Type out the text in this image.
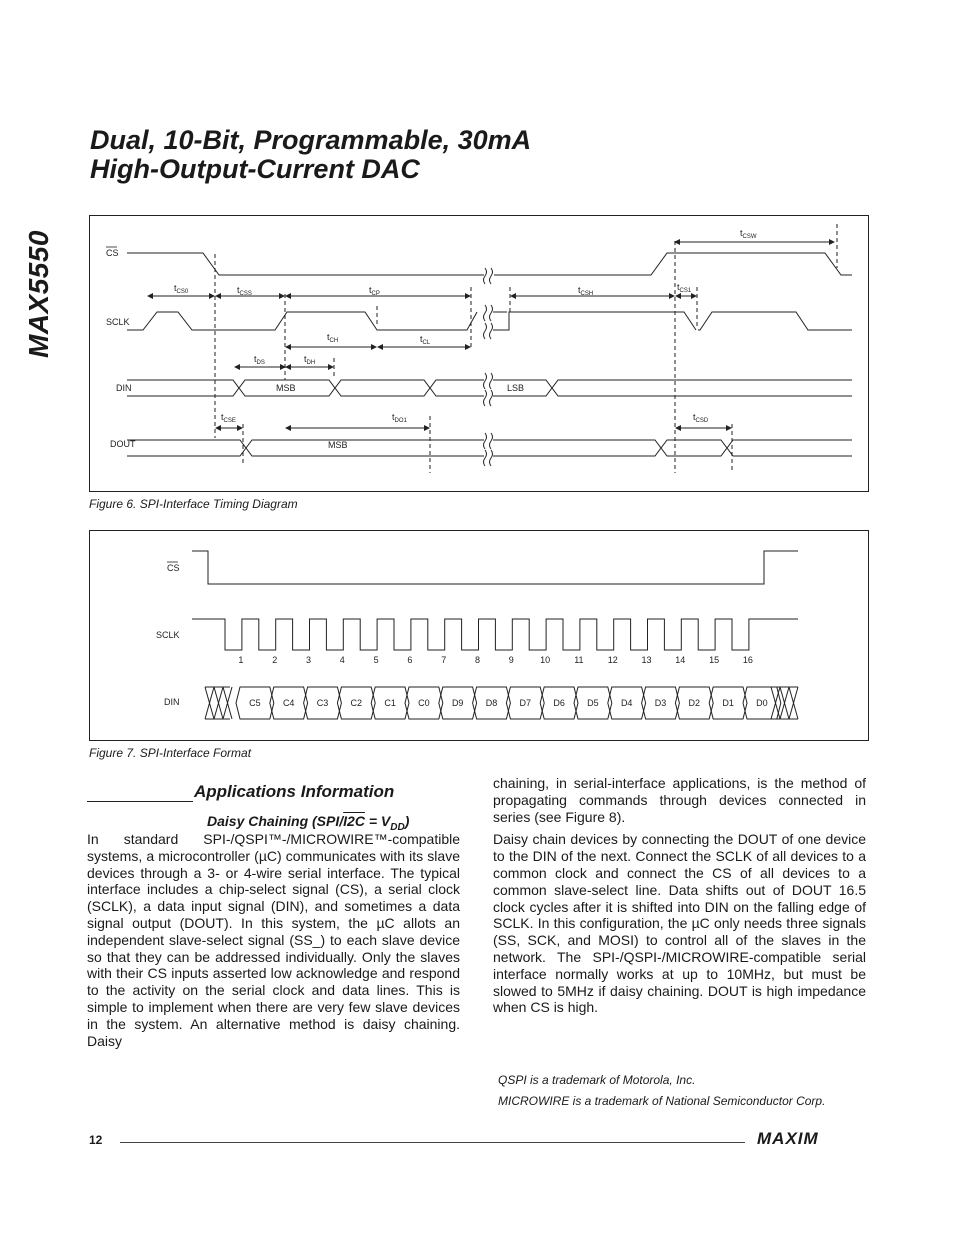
MAX5550
Dual, 10-Bit, Programmable, 30mA
High-Output-Current DAC
CS
SCLK
DIN
DOUT
$t_{CSW}$
$t_{CS0}$	$t_{CSS}$	$t_{CP}$	$t_{CSH}$
$t_{CS1}$
$t_{CH}$	$t_{CL}$
$t_{DS}$	$t_{DH}$
$t_{CSE}$	$t_{DO1}$	$t_{CSD}$
MSB	LSB
MSB
Figure 6. SPI-Interface Timing Diagram
C5 C4 C3 C2 C1 C0 D9 D8 D7 D6 D5 D4 D3 D2 D1 D0
1	2	3	4	5	6	7	8	9	10	11	12	13	14	15	16
CS
SCLK
DIN
Figure 7. SPI-Interface Format
Applications Information
Daisy Chaining $(SPI/I2C = V_{DD})$

In standard SPI-/QSPI™-/MICROWIRE™-compatible systems, a microcontroller (µC) communicates with its slave devices through a 3- or 4-wire serial interface. The typical interface includes a chip-select signal (CS), a serial clock (SCLK), a data input signal (DIN), and sometimes a data signal output (DOUT). In this system, the µC allots an independent slave-select signal (SS_) to each slave device so that they can be addressed individually. Only the slaves with their CS inputs asserted low acknowledge and respond to the activity on the serial clock and data lines. This is simple to implement when there are very few slave devices in the system. An alternative method is daisy chaining. Daisy

chaining, in serial-interface applications, is the method of propagating commands through devices connected in series (see Figure 8).

Daisy chain devices by connecting the DOUT of one device to the DIN of the next. Connect the SCLK of all devices to a common clock and connect the CS of all devices to a common slave-select line. Data shifts out of DOUT 16.5 clock cycles after it is shifted into DIN on the falling edge of SCLK. In this configuration, the µC only needs three signals (SS, SCK, and MOSI) to control all of the slaves in the network. The SPI-/QSPI-/MICROWIRE-compatible serial interface normally works at up to 10MHz, but must be slowed to 5MHz if daisy chaining. DOUT is high impedance when CS is high.

QSPI is a trademark of Motorola, Inc.
MICROWIRE is a trademark of National Semiconductor Corp.
12	MAXIM
